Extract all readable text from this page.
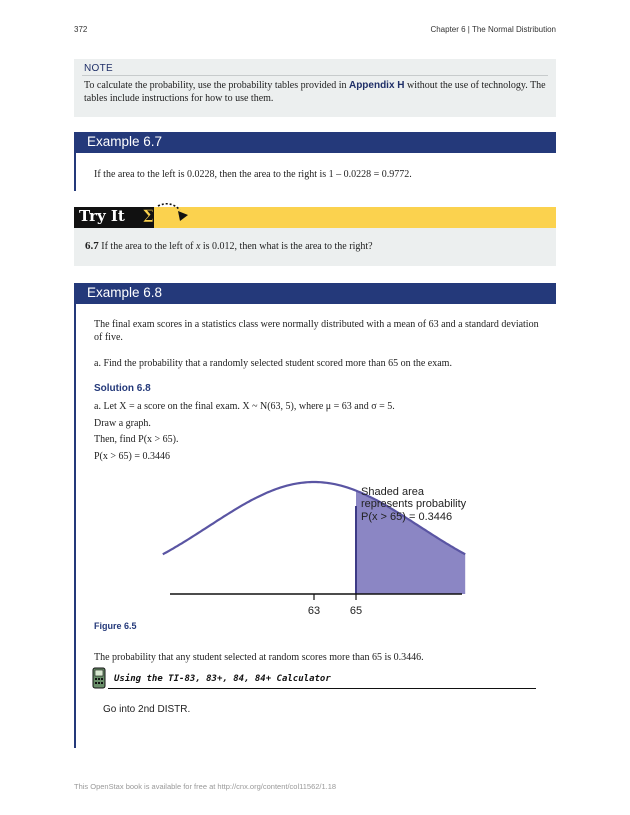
372	Chapter 6 | The Normal Distribution
NOTE
To calculate the probability, use the probability tables provided in Appendix H without the use of technology. The tables include instructions for how to use them.
Example 6.7
If the area to the left is 0.0228, then the area to the right is 1 – 0.0228 = 0.9772.
Try It Σ
6.7 If the area to the left of x is 0.012, then what is the area to the right?
Example 6.8
The final exam scores in a statistics class were normally distributed with a mean of 63 and a standard deviation of five.
a. Find the probability that a randomly selected student scored more than 65 on the exam.
Solution 6.8
a. Let X = a score on the final exam. X ~ N(63, 5), where μ = 63 and σ = 5.
Draw a graph.
Then, find P(x > 65).
P(x > 65) = 0.3446
63	65
Shaded area
represents probability
P(x > 65) = 0.3446
Figure 6.5
The probability that any student selected at random scores more than 65 is 0.3446.
Using the TI-83, 83+, 84, 84+ Calculator
Go into 2nd DISTR.
This OpenStax book is available for free at http://cnx.org/content/col11562/1.18
